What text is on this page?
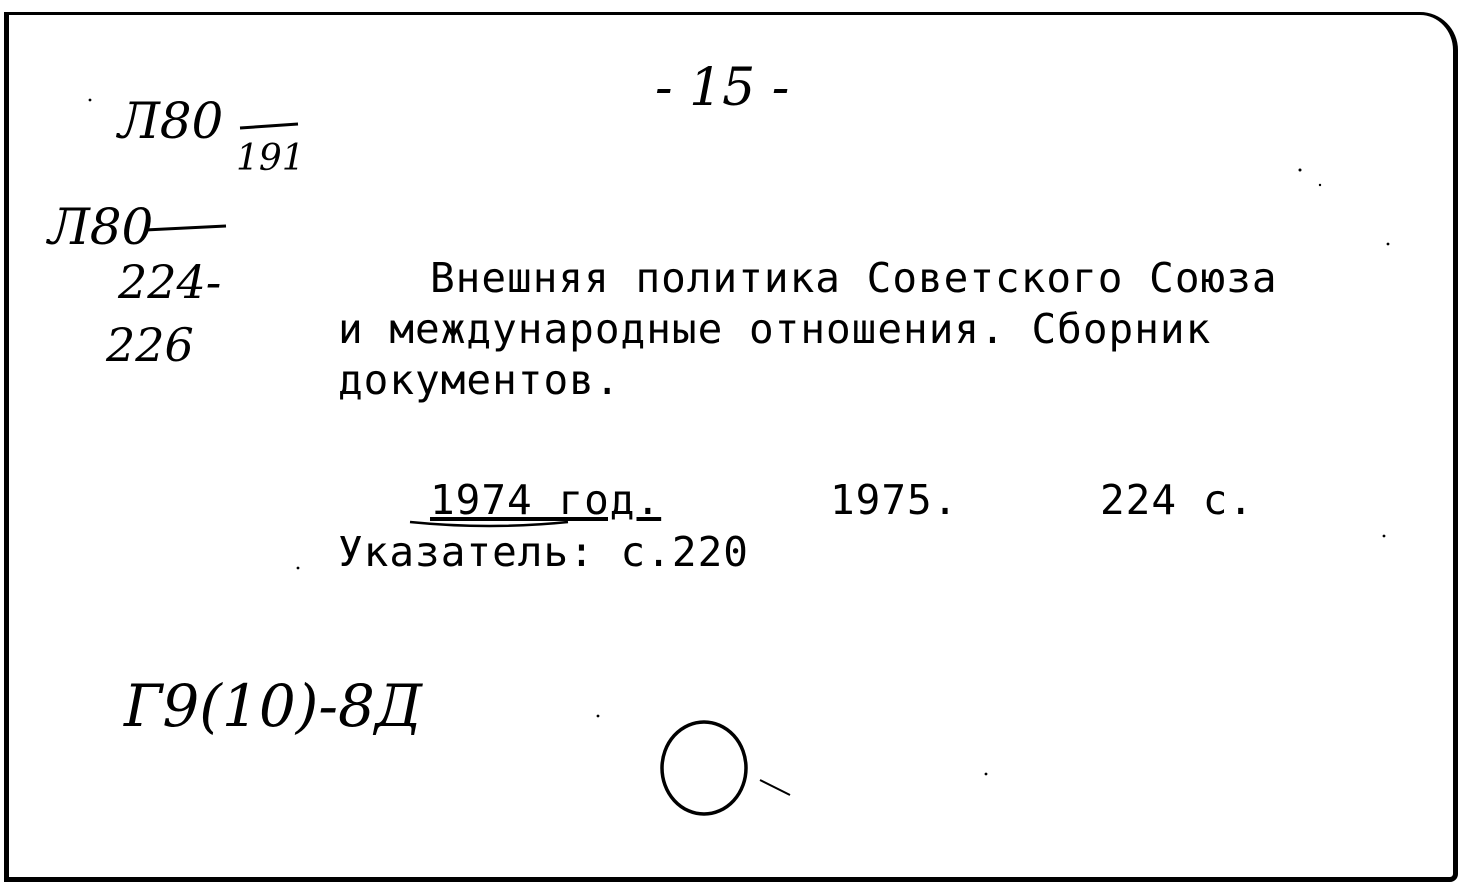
- 15 -
Л80
191
Л80
224-
226
Внешняя политика Советского Союза
и международные отношения. Сборник
документов.
1974 год.	1975.	224 с.
Указатель: с.220
Г9(10)-8Д
